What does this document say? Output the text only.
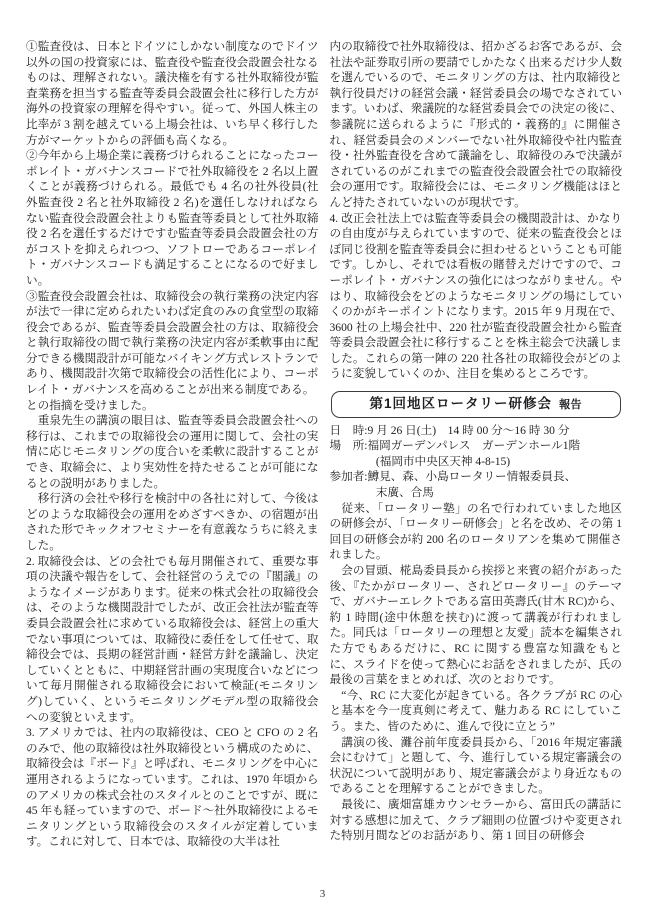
①監査役は、日本とドイツにしかない制度なのでドイツ以外の国の投資家には、監査役や監査役会設置会社なるものは、理解されない。議決権を有する社外取締役が監査業務を担当する監査等委員会設置会社に移行した方が海外の投資家の理解を得やすい。従って、外国人株主の比率が 3 割を越えている上場会社は、いち早く移行した方がマーケットからの評価も高くなる。

②今年から上場企業に義務づけられることになったコーポレイト・ガバナンスコードで社外取締役を 2 名以上置くことが義務づけられる。最低でも 4 名の社外役員(社外監査役 2 名と社外取締役 2 名)を選任しなければならない監査役会設置会社よりも監査等委員として社外取締役 2 名を選任するだけですむ監査等委員会設置会社の方がコストを抑えられつつ、ソフトローであるコーポレイト・ガバナンスコードも満足することになるので好ましい。

③監査役会設置会社は、取締役会の執行業務の決定内容が法で一律に定められたいわば定食のみの食堂型の取締役会であるが、監査等委員会設置会社の方は、取締役会と執行取締役の間で執行業務の決定内容が柔軟事由に配分できる機関設計が可能なバイキング方式レストランであり、機関設計次第で取締役会の活性化により、コーポレイト・ガバナンスを高めることが出来る制度である。

との指摘を受けました。

　重泉先生の講演の眼目は、監査等委員会設置会社への移行は、これまでの取締役会の運用に関して、会社の実情に応じモニタリングの度合いを柔軟に設計することができ、取締会に、より実効性を持たせることが可能になるとの説明がありました。

　移行済の会社や移行を検討中の各社に対して、今後はどのような取締役会の運用をめざすべきか、の宿題が出された形でキックオフセミナーを有意義なうちに終えました。

2. 取締役会は、どの会社でも毎月開催されて、重要な事項の決議や報告をして、会社経営のうえでの『閣議』のようなイメージがあります。従来の株式会社の取締役会は、そのような機関設計でしたが、改正会社法が監査等委員会設置会社に求めている取締役会は、経営上の重大でない事項については、取締役に委任をして任せて、取締役会では、長期の経営計画・経営方針を議論し、決定していくとともに、中期経営計画の実現度合いなどについて毎月開催される取締役会において検証(モニタリング)していく、というモニタリングモデル型の取締役会への変貌といえます。

3. アメリカでは、社内の取締役は、CEO と CFO の 2 名のみで、他の取締役は社外取締役という構成のために、取締役会は『ボード』と呼ばれ、モニタリングを中心に運用されるようになっています。これは、1970 年頃からのアメリカの株式会社のスタイルとのことですが、既に 45 年も経っていますので、ボード〜社外取締役によるモニタリングという取締役会のスタイルが定着しています。これに対して、日本では、取締役の大半は社

内の取締役で社外取締役は、招かざるお客であるが、会社法や証券取引所の要請でしかたなく出来るだけ少人数を選んでいるので、モニタリングの方は、社内取締役と執行役員だけの経営会議・経営委員会の場でなされています。いわば、衆議院的な経営委員会での決定の後に、参議院に送られるように『形式的・義務的』に開催され、経営委員会のメンバーでない社外取締役や社内監査役・社外監査役を含めて議論をし、取締役のみで決議がされているのがこれまでの監査役会設置会社での取締役会の運用です。取締役会には、モニタリング機能はほとんど持たされていないのが現状です。

4. 改正会社法上では監査等委員会の機関設計は、かなりの自由度が与えられていますので、従来の監査役会とほぼ同じ役割を監査等委員会に担わせるということも可能です。しかし、それでは看板の賭替えだけですので、コーポレイト・ガバナンスの強化にはつながりません。やはり、取締役会をどのようなモニタリングの場にしていくのかがキーポイントになります。2015 年 9 月現在で、3600 社の上場会社中、220 社が監査役設置会社から監査等委員会設置会社に移行することを株主総会で決議しました。これらの第一陣の 220 社各社の取締役会がどのように変貌していくのか、注目を集めるところです。

第1回地区ロータリー研修会 報告
日　時:9 月 26 日(土)　14 時 00 分〜16 時 30 分
場　所:福岡ガーデンパレス　ガーデンホール1階
　　　　(福岡市中央区天神 4-8-15)
参加者:鱒見、森、小島ロータリー情報委員長、
　　　　末廣、合馬

　従来、「ロータリー塾」の名で行われていました地区の研修会が、「ロータリー研修会」と名を改め、その第 1 回目の研修会が約 200 名のロータリアンを集めて開催されました。

　会の冒頭、椛島委員長から挨拶と来賓の紹介があった後、『たかがロータリー、されどロータリー』のテーマで、ガバナーエレクトである富田英壽氏(甘木 RC)から、約 1 時間(途中休憩を挟む)に渡って講義が行われました。同氏は「ロータリーの理想と友愛」読本を編集された方でもあるだけに、RC に関する豊富な知識をもとに、スライドを使って熱心にお話をされましたが、氏の最後の言葉をまとめれば、次のとおりです。

　“今、RC に大変化が起きている。各クラブが RC の心と基本を今一度真剣に考えて、魅力ある RC にしていこう。また、皆のために、進んで役に立とう”

　講演の後、灘谷前年度委員長から、「2016 年規定審議会にむけて」と題して、今、進行している規定審議会の状況について説明があり、規定審議会がより身近なものであることを理解することができました。

　最後に、廣畑富雄カウンセラーから、富田氏の講話に対する感想に加えて、クラブ細則の位置づけや変更された特別月間などのお話があり、第 1 回目の研修会

3
